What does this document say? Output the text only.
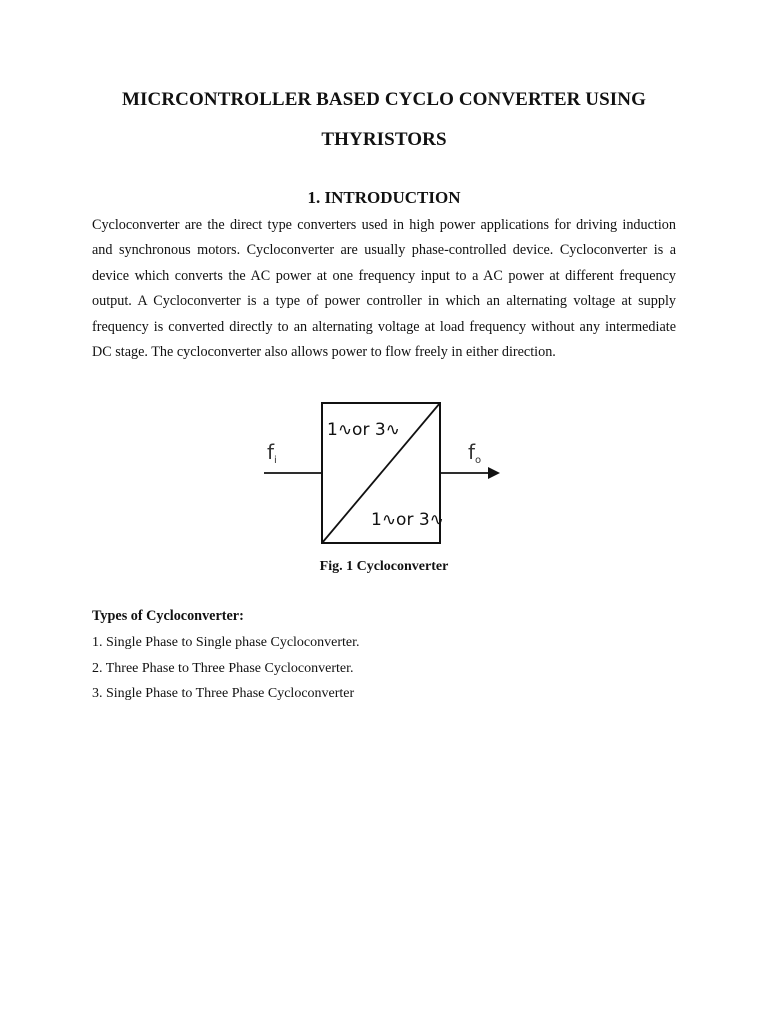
MICRCONTROLLER BASED CYCLO CONVERTER USING
THYRISTORS
1. INTRODUCTION
Cycloconverter are the direct type converters used in high power applications for driving induction and synchronous motors. Cycloconverter are usually phase-controlled device. Cycloconverter is a device which converts the AC power at one frequency input to a AC power at different frequency output. A Cycloconverter is a type of power controller in which an alternating voltage at supply frequency is converted directly to an alternating voltage at load frequency without any intermediate DC stage. The cycloconverter also allows power to flow freely in either direction.
$f_i$	$f_o$
1∿or 3∿
1∿or 3∿
Fig. 1 Cycloconverter
Types of Cycloconverter:
1. Single Phase to Single phase Cycloconverter.
2. Three Phase to Three Phase Cycloconverter.
3. Single Phase to Three Phase Cycloconverter
